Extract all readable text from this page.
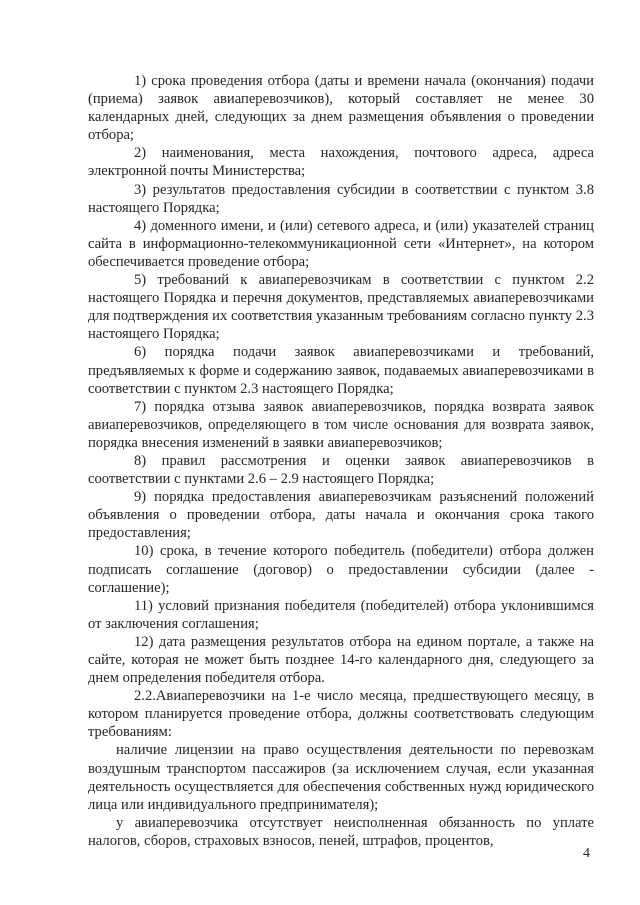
1) срока проведения отбора (даты и времени начала (окончания) подачи (приема) заявок авиаперевозчиков), который составляет не менее 30 календарных дней, следующих за днем размещения объявления о проведении отбора;

2) наименования, места нахождения, почтового адреса, адреса электронной почты Министерства;

3) результатов предоставления субсидии в соответствии с пунктом 3.8 настоящего Порядка;

4) доменного имени, и (или) сетевого адреса, и (или) указателей страниц сайта в информационно-телекоммуникационной сети «Интернет», на котором обеспечивается проведение отбора;

5) требований к авиаперевозчикам в соответствии с пунктом 2.2 настоящего Порядка и перечня документов, представляемых авиаперевозчиками для подтверждения их соответствия указанным требованиям согласно пункту 2.3 настоящего Порядка;

6) порядка подачи заявок авиаперевозчиками и требований, предъявляемых к форме и содержанию заявок, подаваемых авиаперевозчиками в соответствии с пунктом 2.3 настоящего Порядка;

7) порядка отзыва заявок авиаперевозчиков, порядка возврата заявок авиаперевозчиков, определяющего в том числе основания для возврата заявок, порядка внесения изменений в заявки авиаперевозчиков;

8) правил рассмотрения и оценки заявок авиаперевозчиков в соответствии с пунктами 2.6 – 2.9 настоящего Порядка;

9) порядка предоставления авиаперевозчикам разъяснений положений объявления о проведении отбора, даты начала и окончания срока такого предоставления;

10) срока, в течение которого победитель (победители) отбора должен подписать соглашение (договор) о предоставлении субсидии (далее - соглашение);

11) условий признания победителя (победителей) отбора уклонившимся от заключения соглашения;

12) дата размещения результатов отбора на едином портале, а также на сайте, которая не может быть позднее 14-го календарного дня, следующего за днем определения победителя отбора.

2.2.Авиаперевозчики на 1-е число месяца, предшествующего месяцу, в котором планируется проведение отбора, должны соответствовать следующим требованиям:

наличие лицензии на право осуществления деятельности по перевозкам воздушным транспортом пассажиров (за исключением случая, если указанная деятельность осуществляется для обеспечения собственных нужд юридического лица или индивидуального предпринимателя);

у авиаперевозчика отсутствует неисполненная обязанность по уплате налогов, сборов, страховых взносов, пеней, штрафов, процентов,

4
